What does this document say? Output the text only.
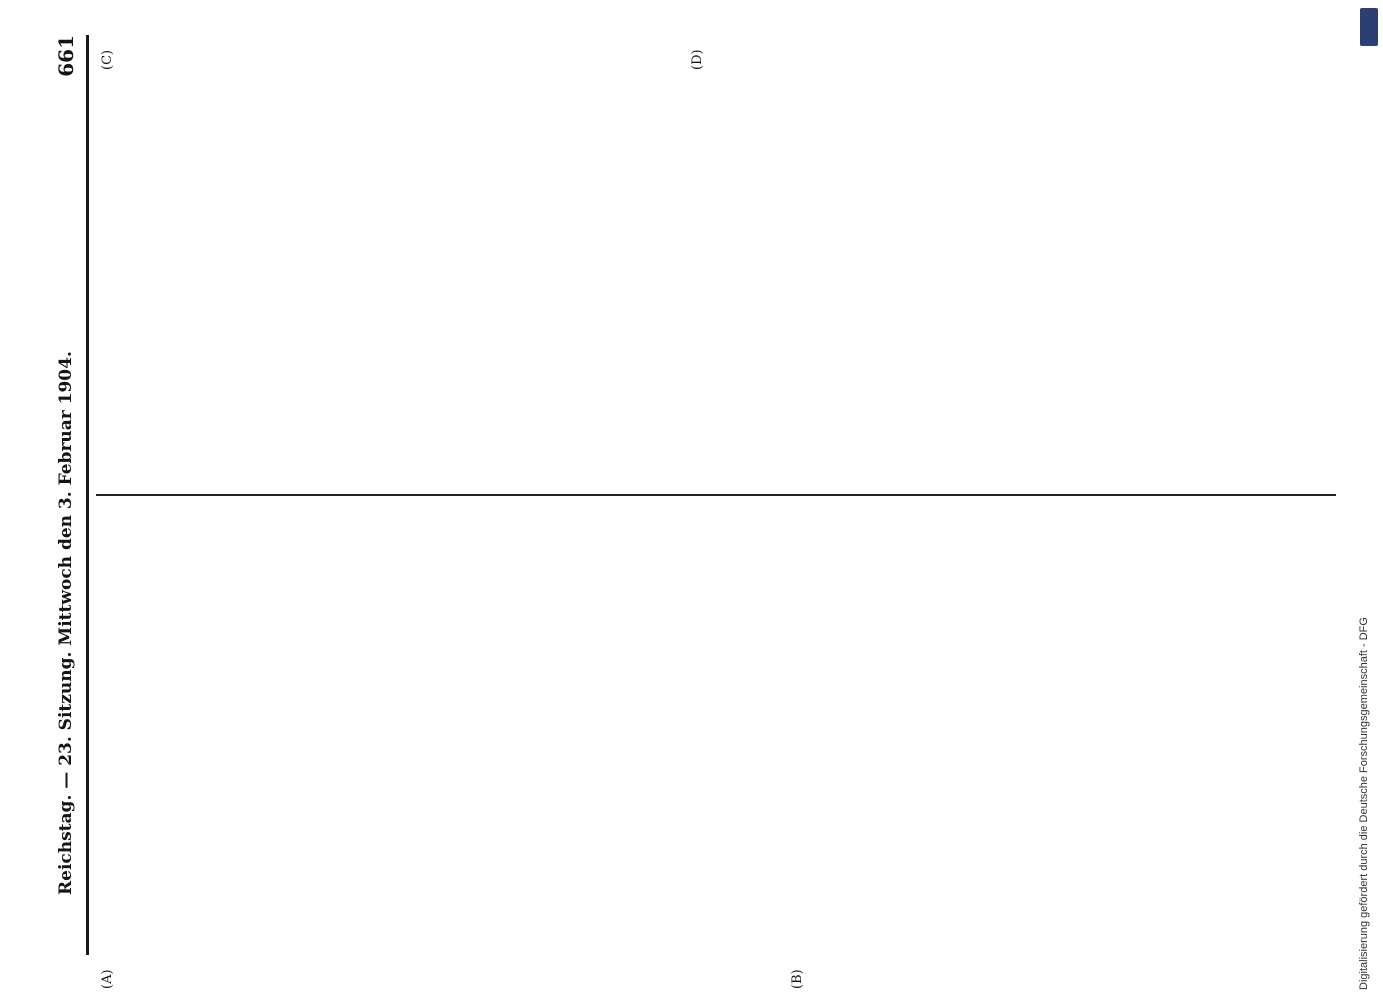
Reichstag. — 23. Sitzung. Mittwoch den 3. Februar 1904.
661
(A)	(B)
(C)	(D)
Digitalisierung gefördert durch die Deutsche Forschungsgemeinschaft - DFG
